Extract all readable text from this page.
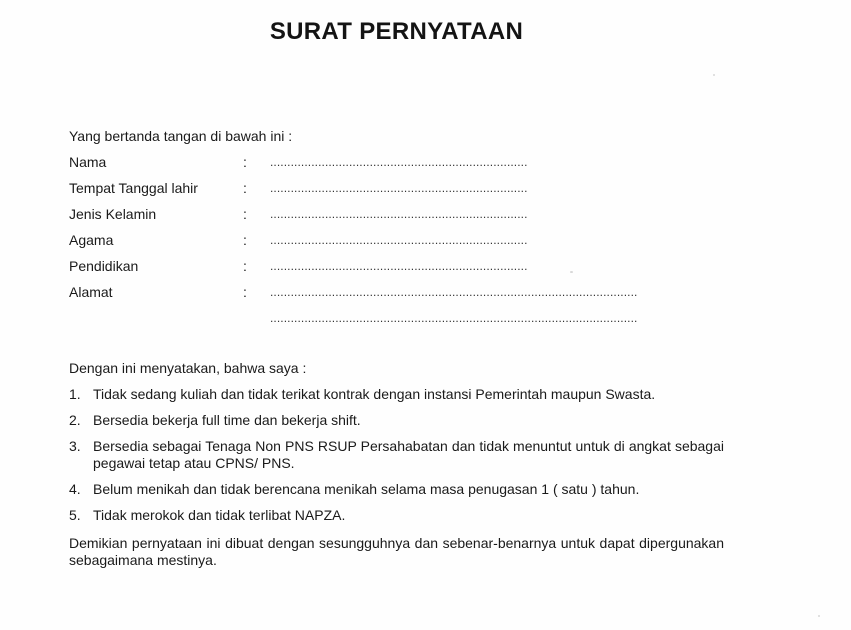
SURAT PERNYATAAN
Yang bertanda tangan di bawah ini :
Nama	: ...........................................................................
Tempat Tanggal lahir	: ...........................................................................
Jenis Kelamin	: ...........................................................................
Agama	: ...........................................................................
Pendidikan	: ...........................................................................
Alamat	: ...........................................................................................................
...........................................................................................................
Dengan ini menyatakan, bahwa saya :
1. Tidak sedang kuliah dan tidak terikat kontrak dengan instansi Pemerintah maupun Swasta.
2. Bersedia bekerja full time dan bekerja shift.
3. Bersedia sebagai Tenaga Non PNS RSUP Persahabatan dan tidak menuntut untuk di angkat sebagai pegawai tetap atau CPNS/ PNS.
4. Belum menikah dan tidak berencana menikah selama masa penugasan 1 ( satu ) tahun.
5. Tidak merokok dan tidak terlibat NAPZA.
Demikian pernyataan ini dibuat dengan sesungguhnya dan sebenar-benarnya untuk dapat dipergunakan sebagaimana mestinya.
